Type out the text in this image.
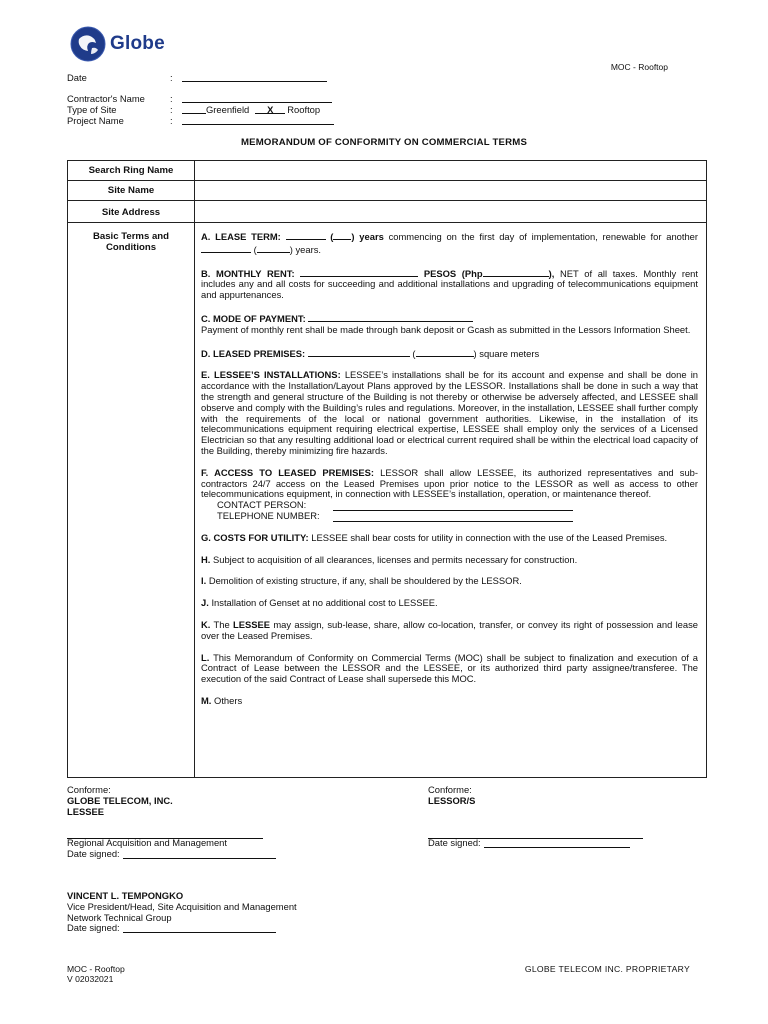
Globe
MOC - Rooftop
Date	:
Contractor's Name	:
Type of Site	:	Greenfield	X	Rooftop
Project Name	:
MEMORANDUM OF CONFORMITY ON COMMERCIAL TERMS
Search Ring Name
Site Name
Site Address
Basic Terms and Conditions
A. LEASE TERM:	( ) years commencing on the first day of implementation, renewable for another  (	) years.
B. MONTHLY RENT:	PESOS (Php	), NET of all taxes. Monthly rent includes any and all costs for succeeding and additional installations and upgrading of telecommunications equipment and appurtenances.
C. MODE OF PAYMENT:
Payment of monthly rent shall be made through bank deposit or Gcash as submitted in the Lessors Information Sheet.
D. LEASED PREMISES:	(	) square meters
E. LESSEE’S INSTALLATIONS: LESSEE’s installations shall be for its account and expense and shall be done in accordance with the Installation/Layout Plans approved by the LESSOR. Installations shall be done in such a way that the strength and general structure of the Building is not thereby or otherwise be adversely affected, and LESSEE shall observe and comply with the Building’s rules and regulations. Moreover, in the installation, LESSEE shall further comply with the requirements of the local or national government authorities. Likewise, in the installation of its telecommunications equipment requiring electrical expertise, LESSEE shall employ only the services of a Licensed Electrician so that any resulting additional load or electrical current required shall be within the electrical load capacity of the Building, thereby minimizing fire hazards.
F. ACCESS TO LEASED PREMISES: LESSOR shall allow LESSEE, its authorized representatives and sub-contractors 24/7 access on the Leased Premises upon prior notice to the LESSOR as well as access to other telecommunications equipment, in connection with LESSEE’s installation, operation, or maintenance thereof.
CONTACT PERSON:
TELEPHONE NUMBER:
G. COSTS FOR UTILITY: LESSEE shall bear costs for utility in connection with the use of the Leased Premises.
H. Subject to acquisition of all clearances, licenses and permits necessary for construction.
I. Demolition of existing structure, if any, shall be shouldered by the LESSOR.
J. Installation of Genset at no additional cost to LESSEE.
K. The LESSEE may assign, sub-lease, share, allow co-location, transfer, or convey its right of possession and lease over the Leased Premises.
L. This Memorandum of Conformity on Commercial Terms (MOC) shall be subject to finalization and execution of a Contract of Lease between the LESSOR and the LESSEE, or its authorized third party assignee/transferee. The execution of the said Contract of Lease shall supersede this MOC.
M. Others
Conforme:
GLOBE TELECOM, INC.
LESSEE
Regional Acquisition and Management
Date signed:
Conforme:
LESSOR/S
Date signed:
VINCENT L. TEMPONGKO
Vice President/Head, Site Acquisition and Management
Network Technical Group
Date signed:
MOC - Rooftop
V 02032021
GLOBE TELECOM INC. PROPRIETARY
